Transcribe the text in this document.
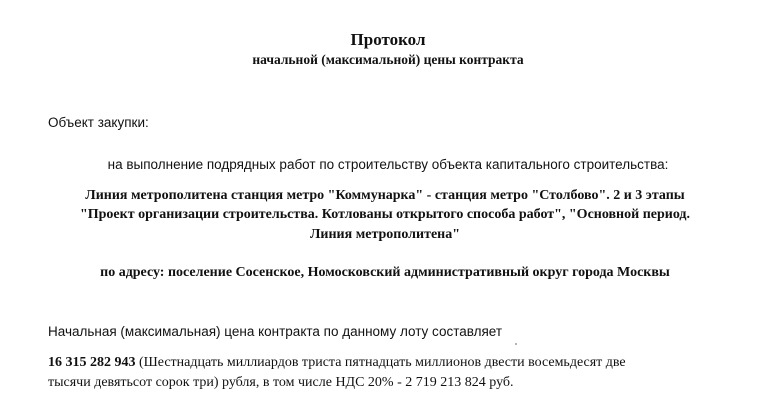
Протокол
начальной (максимальной) цены контракта
Объект закупки:
на выполнение подрядных работ по строительству объекта капитального строительства:
Линия метрополитена станция метро "Коммунарка" - станция метро "Столбово". 2 и 3 этапы
"Проект организации строительства. Котлованы открытого способа работ", "Основной период.
Линия метрополитена"
по адресу: поселение Сосенское, Номосковский административный округ города Москвы
Начальная (максимальная) цена контракта по данному лоту составляет
16 315 282 943 (Шестнадцать миллиардов триста пятнадцать миллионов двести восемьдесят две
тысячи девятьсот сорок три) рубля, в том числе НДС 20% - 2 719 213 824 руб.
